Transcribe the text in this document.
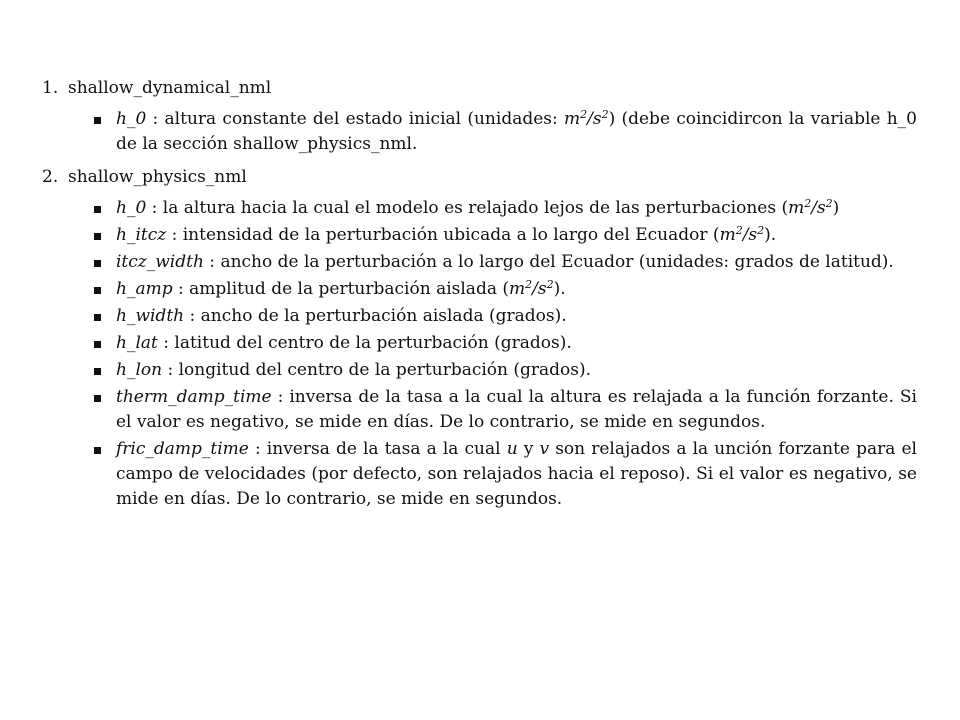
1. shallow_dynamical_nml
h_0 : altura constante del estado inicial (unidades: $m^2/s^2$) (debe coincidircon la variable h_0 de la sección shallow_physics_nml.
2. shallow_physics_nml
h_0 : la altura hacia la cual el modelo es relajado lejos de las perturbaciones $(m^2/s^2)$
h_itcz : intensidad de la perturbación ubicada a lo largo del Ecuador $(m^2/s^2)$.
itcz_width : ancho de la perturbación a lo largo del Ecuador (unidades: grados de latitud).
h_amp : amplitud de la perturbación aislada $(m^2/s^2)$.
h_width : ancho de la perturbación aislada (grados).
h_lat : latitud del centro de la perturbación (grados).
h_lon : longitud del centro de la perturbación (grados).
therm_damp_time : inversa de la tasa a la cual la altura es relajada a la función forzante. Si el valor es negativo, se mide en días. De lo contrario, se mide en segundos.
fric_damp_time : inversa de la tasa a la cual u y v son relajados a la unción forzante para el campo de velocidades (por defecto, son relajados hacia el reposo). Si el valor es negativo, se mide en días. De lo contrario, se mide en segundos.
